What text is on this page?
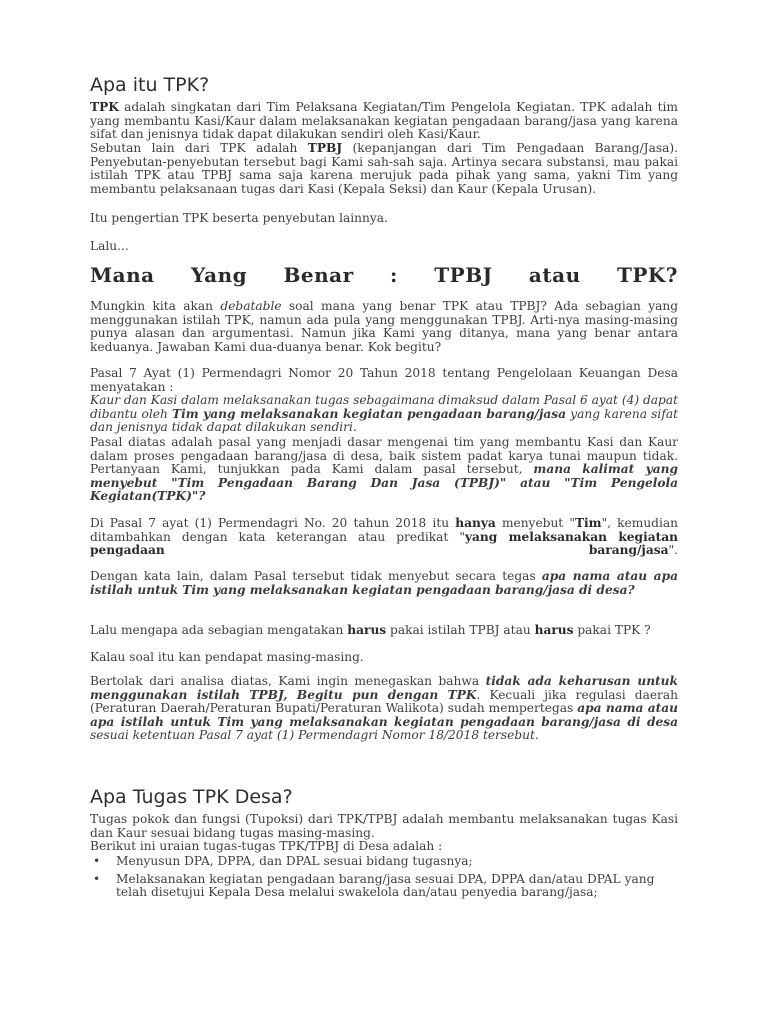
Apa itu TPK?

TPK adalah singkatan dari Tim Pelaksana Kegiatan/Tim Pengelola Kegiatan. TPK adalah tim yang membantu Kasi/Kaur dalam melaksanakan kegiatan pengadaan barang/jasa yang karena sifat dan jenisnya tidak dapat dilakukan sendiri oleh Kasi/Kaur.

Sebutan lain dari TPK adalah TPBJ (kepanjangan dari Tim Pengadaan Barang/Jasa). Penyebutan-penyebutan tersebut bagi Kami sah-sah saja. Artinya secara substansi, mau pakai istilah TPK atau TPBJ sama saja karena merujuk pada pihak yang sama, yakni Tim yang membantu pelaksanaan tugas dari Kasi (Kepala Seksi) dan Kaur (Kepala Urusan).

Itu pengertian TPK beserta penyebutan lainnya.

Lalu...

Mana Yang Benar : TPBJ atau TPK?

Mungkin kita akan debatable soal mana yang benar TPK atau TPBJ? Ada sebagian yang menggunakan istilah TPK, namun ada pula yang menggunakan TPBJ. Arti-nya masing-masing punya alasan dan argumentasi. Namun jika Kami yang ditanya, mana yang benar antara keduanya. Jawaban Kami dua-duanya benar. Kok begitu?

Pasal 7 Ayat (1) Permendagri Nomor 20 Tahun 2018 tentang Pengelolaan Keuangan Desa menyatakan :
Kaur dan Kasi dalam melaksanakan tugas sebagaimana dimaksud dalam Pasal 6 ayat (4) dapat dibantu oleh Tim yang melaksanakan kegiatan pengadaan barang/jasa yang karena sifat dan jenisnya tidak dapat dilakukan sendiri.

Pasal diatas adalah pasal yang menjadi dasar mengenai tim yang membantu Kasi dan Kaur dalam proses pengadaan barang/jasa di desa, baik sistem padat karya tunai maupun tidak. Pertanyaan Kami, tunjukkan pada Kami dalam pasal tersebut, mana kalimat yang menyebut "Tim Pengadaan Barang Dan Jasa (TPBJ)" atau "Tim Pengelola Kegiatan(TPK)"?

Di Pasal 7 ayat (1) Permendagri No. 20 tahun 2018 itu hanya menyebut "Tim", kemudian ditambahkan dengan kata keterangan atau predikat "yang melaksanakan kegiatan pengadaan barang/jasa".

Dengan kata lain, dalam Pasal tersebut tidak menyebut secara tegas apa nama atau apa istilah untuk Tim yang melaksanakan kegiatan pengadaan barang/jasa di desa?

Lalu mengapa ada sebagian mengatakan harus pakai istilah TPBJ atau harus pakai TPK ?

Kalau soal itu kan pendapat masing-masing.

Bertolak dari analisa diatas, Kami ingin menegaskan bahwa tidak ada keharusan untuk menggunakan istilah TPBJ, Begitu pun dengan TPK. Kecuali jika regulasi daerah (Peraturan Daerah/Peraturan Bupati/Peraturan Walikota) sudah mempertegas apa nama atau apa istilah untuk Tim yang melaksanakan kegiatan pengadaan barang/jasa di desa sesuai ketentuan Pasal 7 ayat (1) Permendagri Nomor 18/2018 tersebut.

Apa Tugas TPK Desa?

Tugas pokok dan fungsi (Tupoksi) dari TPK/TPBJ adalah membantu melaksanakan tugas Kasi dan Kaur sesuai bidang tugas masing-masing.
Berikut ini uraian tugas-tugas TPK/TPBJ di Desa adalah :

• Menyusun DPA, DPPA, dan DPAL sesuai bidang tugasnya;
• Melaksanakan kegiatan pengadaan barang/jasa sesuai DPA, DPPA dan/atau DPAL yang telah disetujui Kepala Desa melalui swakelola dan/atau penyedia barang/jasa;
